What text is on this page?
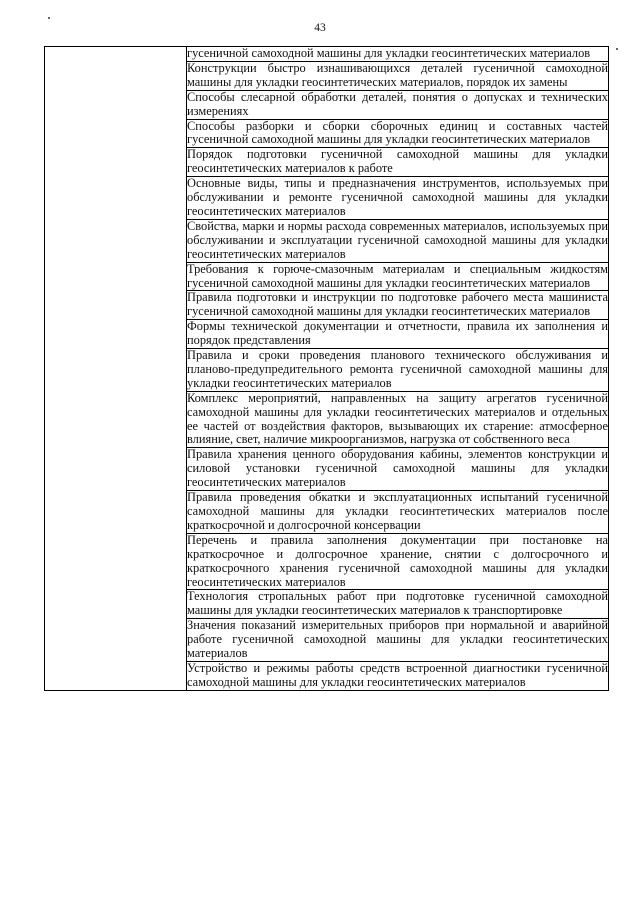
43
	гусеничной самоходной машины для укладки геосинтетических материалов
Конструкции быстро изнашивающихся деталей гусеничной самоходной машины для укладки геосинтетических материалов, порядок их замены
Способы слесарной обработки деталей, понятия о допусках и технических измерениях
Способы разборки и сборки сборочных единиц и составных частей гусеничной самоходной машины для укладки геосинтетических материалов
Порядок подготовки гусеничной самоходной машины для укладки геосинтетических материалов к работе
Основные виды, типы и предназначения инструментов, используемых при обслуживании и ремонте гусеничной самоходной машины для укладки геосинтетических материалов
Свойства, марки и нормы расхода современных материалов, используемых при обслуживании и эксплуатации гусеничной самоходной машины для укладки геосинтетических материалов
Требования к горюче-смазочным материалам и специальным жидкостям гусеничной самоходной машины для укладки геосинтетических материалов
Правила подготовки и инструкции по подготовке рабочего места машиниста гусеничной самоходной машины для укладки геосинтетических материалов
Формы технической документации и отчетности, правила их заполнения и порядок представления
Правила и сроки проведения планового технического обслуживания и планово-предупредительного ремонта гусеничной самоходной машины для укладки геосинтетических материалов
Комплекс мероприятий, направленных на защиту агрегатов гусеничной самоходной машины для укладки геосинтетических материалов и отдельных ее частей от воздействия факторов, вызывающих их старение: атмосферное влияние, свет, наличие микроорганизмов, нагрузка от собственного веса
Правила хранения ценного оборудования кабины, элементов конструкции и силовой установки гусеничной самоходной машины для укладки геосинтетических материалов
Правила проведения обкатки и эксплуатационных испытаний гусеничной самоходной машины для укладки геосинтетических материалов после краткосрочной и долгосрочной консервации
Перечень и правила заполнения документации при постановке на краткосрочное и долгосрочное хранение, снятии с долгосрочного и краткосрочного хранения гусеничной самоходной машины для укладки геосинтетических материалов
Технология стропальных работ при подготовке гусеничной самоходной машины для укладки геосинтетических материалов к транспортировке
Значения показаний измерительных приборов при нормальной и аварийной работе гусеничной самоходной машины для укладки геосинтетических материалов
Устройство и режимы работы средств встроенной диагностики гусеничной самоходной машины для укладки геосинтетических материалов
